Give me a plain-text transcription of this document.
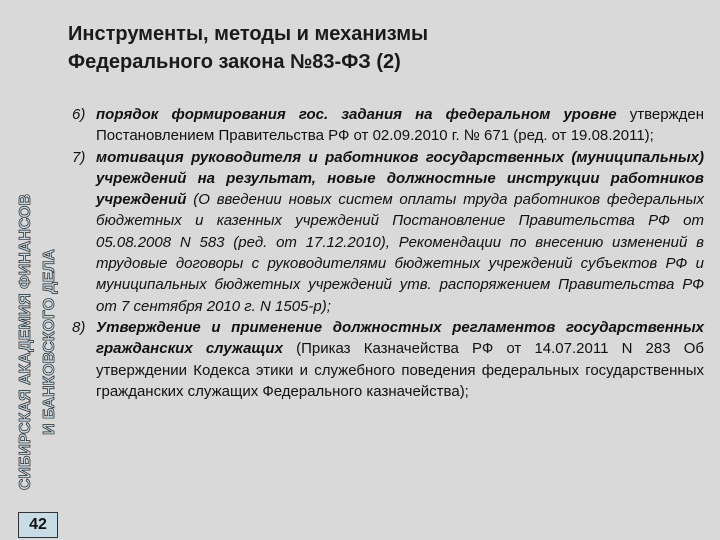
Инструменты, методы и механизмы
Федерального закона №83-ФЗ (2)
СИБИРСКАЯ АКАДЕМИЯ ФИНАНСОВ И БАНКОВСКОГО ДЕЛА
42
6) порядок формирования гос. задания на федеральном уровне утвержден Постановлением Правительства РФ от 02.09.2010 г. № 671 (ред. от 19.08.2011);
7) мотивация руководителя и работников государственных (муниципальных) учреждений на результат, новые должностные инструкции работников учреждений (О введении новых систем оплаты труда работников федеральных бюджетных и казенных учреждений Постановление Правительства РФ от 05.08.2008 N 583 (ред. от 17.12.2010), Рекомендации по внесению изменений в трудовые договоры с руководителями бюджетных учреждений субъектов РФ и муниципальных бюджетных учреждений утв. распоряжением Правительства РФ от 7 сентября 2010 г. N 1505-р);
8) Утверждение и применение должностных регламентов государственных гражданских служащих (Приказ Казначейства РФ от 14.07.2011 N 283 Об утверждении Кодекса этики и служебного поведения федеральных государственных гражданских служащих Федерального казначейства);
